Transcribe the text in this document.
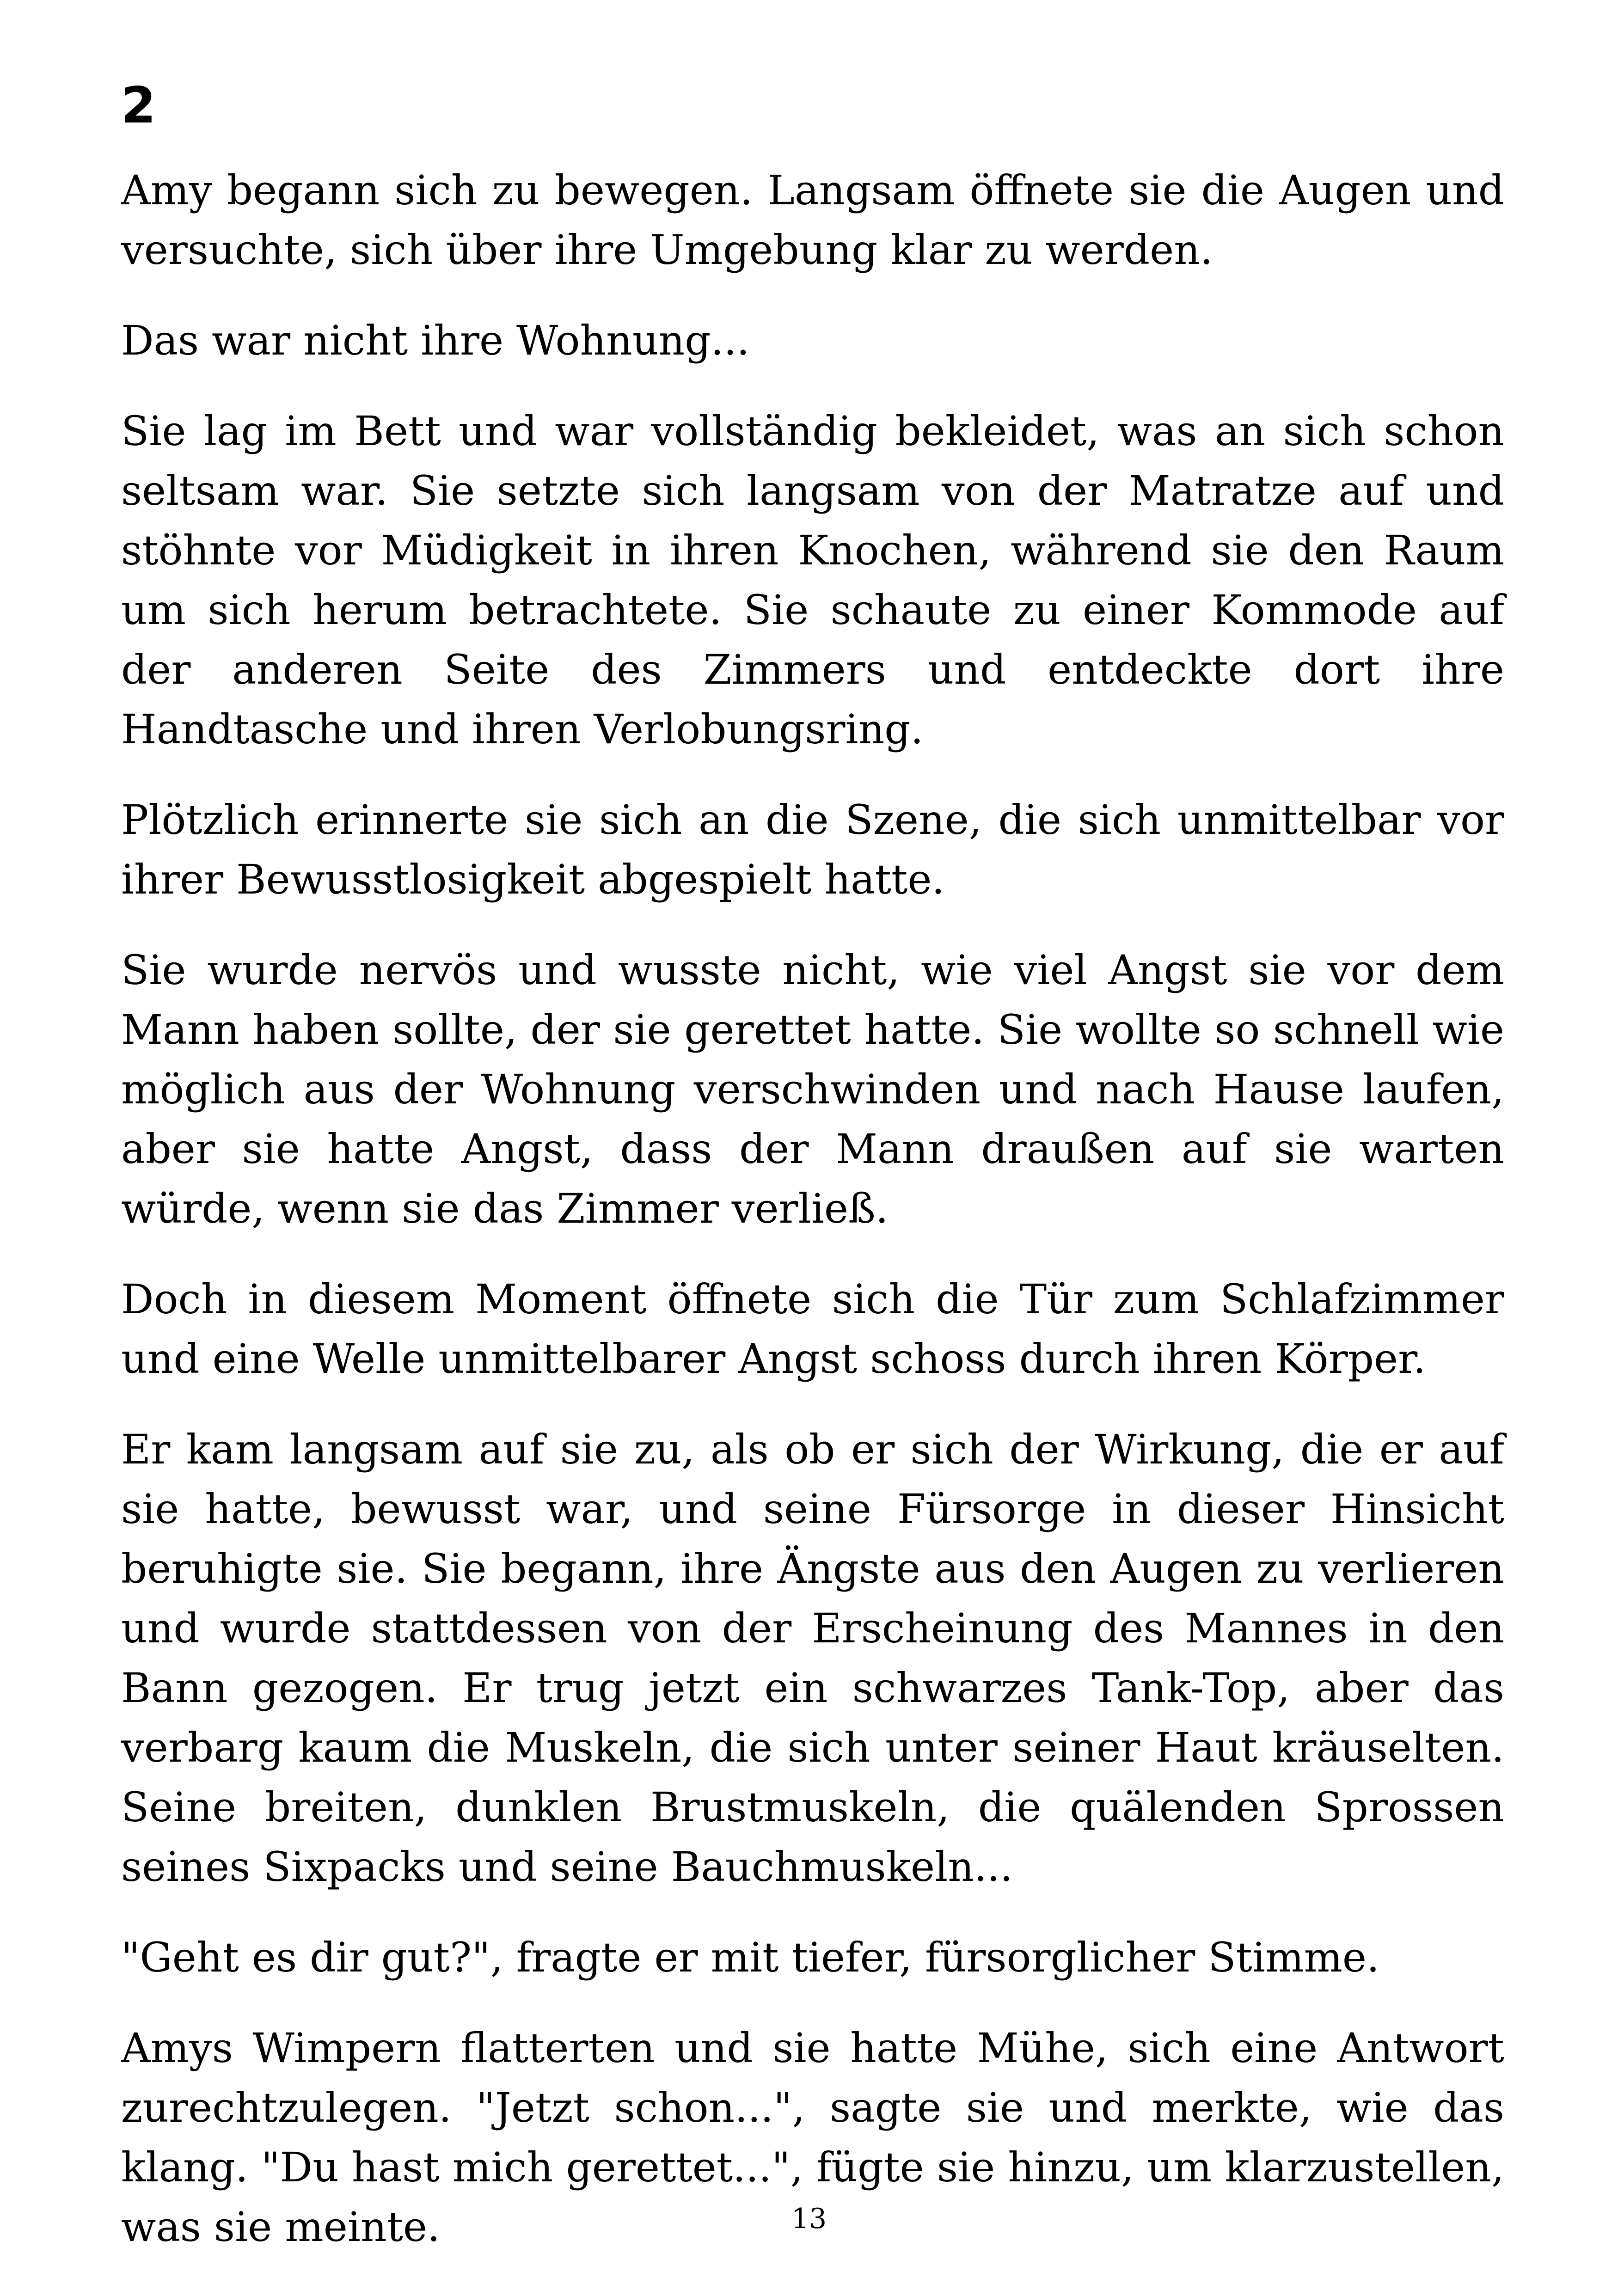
2

Amy begann sich zu bewegen. Langsam öffnete sie die Augen und versuchte, sich über ihre Umgebung klar zu werden.

Das war nicht ihre Wohnung...

Sie lag im Bett und war vollständig bekleidet, was an sich schon seltsam war. Sie setzte sich langsam von der Matratze auf und stöhnte vor Müdigkeit in ihren Knochen, während sie den Raum um sich herum betrachtete. Sie schaute zu einer Kommode auf der anderen Seite des Zimmers und entdeckte dort ihre Handtasche und ihren Verlobungsring.

Plötzlich erinnerte sie sich an die Szene, die sich unmittelbar vor ihrer Bewusstlosigkeit abgespielt hatte.

Sie wurde nervös und wusste nicht, wie viel Angst sie vor dem Mann haben sollte, der sie gerettet hatte. Sie wollte so schnell wie möglich aus der Wohnung verschwinden und nach Hause laufen, aber sie hatte Angst, dass der Mann draußen auf sie warten würde, wenn sie das Zimmer verließ.

Doch in diesem Moment öffnete sich die Tür zum Schlafzimmer und eine Welle unmittelbarer Angst schoss durch ihren Körper.

Er kam langsam auf sie zu, als ob er sich der Wirkung, die er auf sie hatte, bewusst war, und seine Fürsorge in dieser Hinsicht beruhigte sie. Sie begann, ihre Ängste aus den Augen zu verlieren und wurde stattdessen von der Erscheinung des Mannes in den Bann gezogen. Er trug jetzt ein schwarzes Tank-Top, aber das verbarg kaum die Muskeln, die sich unter seiner Haut kräuselten. Seine breiten, dunklen Brustmuskeln, die quälenden Sprossen seines Sixpacks und seine Bauchmuskeln...

"Geht es dir gut?", fragte er mit tiefer, fürsorglicher Stimme.

Amys Wimpern flatterten und sie hatte Mühe, sich eine Antwort zurechtzulegen. "Jetzt schon...", sagte sie und merkte, wie das klang. "Du hast mich gerettet...", fügte sie hinzu, um klarzustellen, was sie meinte.	13
